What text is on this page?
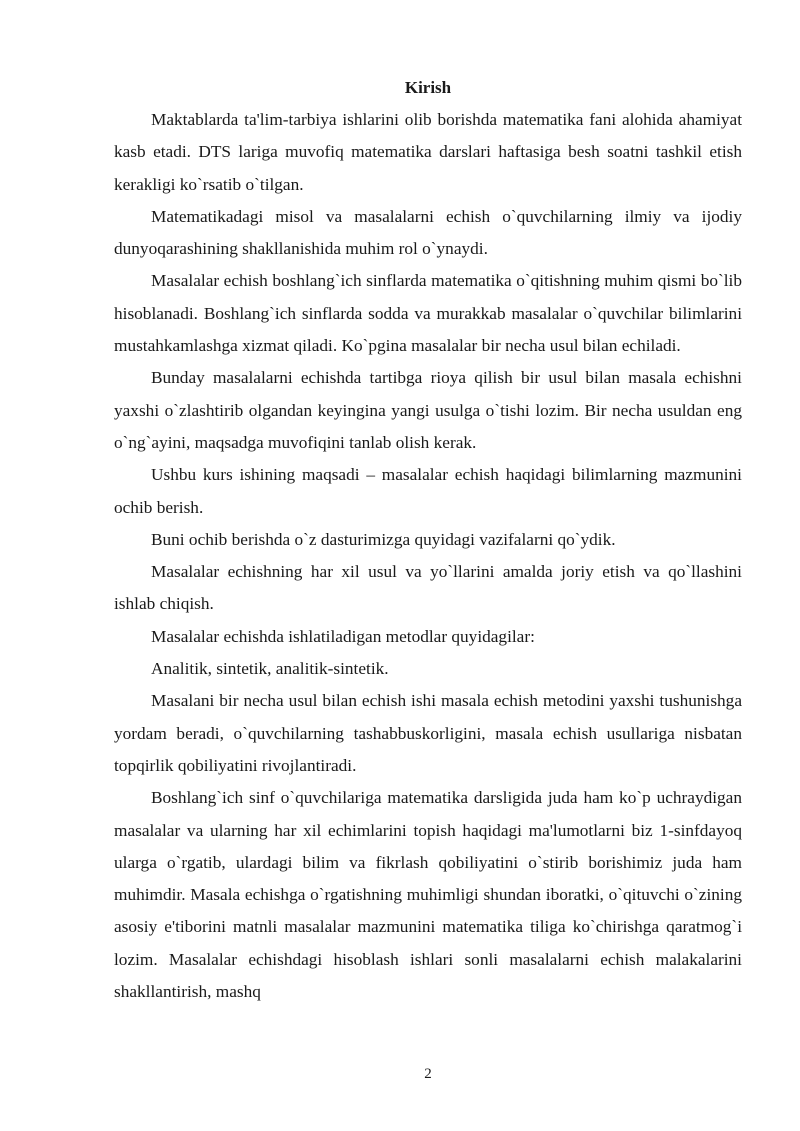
Kirish

Maktablarda ta'lim-tarbiya ishlarini olib borishda matematika fani alohida ahamiyat kasb etadi. DTS lariga muvofiq matematika darslari haftasiga besh soatni tashkil etish kerakligi ko`rsatib o`tilgan.

Matematikadagi misol va masalalarni echish o`quvchilarning ilmiy va ijodiy dunyoqarashining shakllanishida muhim rol o`ynaydi.

Masalalar echish boshlang`ich sinflarda matematika o`qitishning muhim qismi bo`lib hisoblanadi. Boshlang`ich sinflarda sodda va murakkab masalalar o`quvchilar bilimlarini mustahkamlashga xizmat qiladi. Ko`pgina masalalar bir necha usul bilan echiladi.

Bunday masalalarni echishda tartibga rioya qilish bir usul bilan masala echishni yaxshi o`zlashtirib olgandan keyingina yangi usulga o`tishi lozim. Bir necha usuldan eng o`ng`ayini, maqsadga muvofiqini tanlab olish kerak.

Ushbu kurs ishining maqsadi – masalalar echish haqidagi bilimlarning mazmunini ochib berish.

Buni ochib berishda o`z dasturimizga quyidagi vazifalarni qo`ydik.

Masalalar echishning har xil usul va yo`llarini amalda joriy etish va qo`llashini ishlab chiqish.

Masalalar echishda ishlatiladigan metodlar quyidagilar:

Analitik, sintetik, analitik-sintetik.

Masalani bir necha usul bilan echish ishi masala echish metodini yaxshi tushunishga yordam beradi, o`quvchilarning tashabbuskorligini, masala echish usullariga nisbatan topqirlik qobiliyatini rivojlantiradi.

Boshlang`ich sinf o`quvchilariga matematika darsligida juda ham ko`p uchraydigan masalalar va ularning har xil echimlarini topish haqidagi ma'lumotlarni biz 1-sinfdayoq ularga o`rgatib, ulardagi bilim va fikrlash qobiliyatini o`stirib borishimiz juda ham muhimdir. Masala echishga o`rgatishning muhimligi shundan iboratki, o`qituvchi o`zining asosiy e'tiborini matnli masalalar mazmunini matematika tiliga ko`chirishga qaratmog`i lozim. Masalalar echishdagi hisoblash ishlari sonli masalalarni echish malakalarini shakllantirish, mashq

2
